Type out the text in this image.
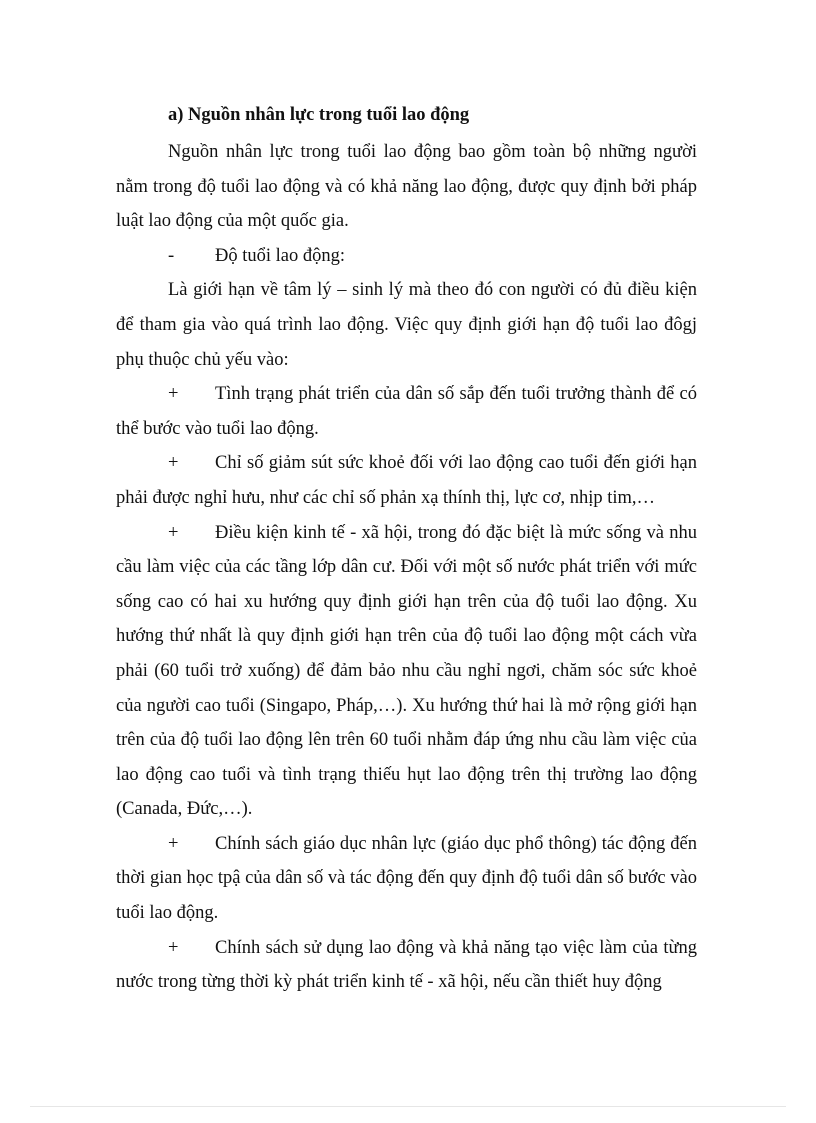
a) Nguồn nhân lực trong tuổi lao động

Nguồn nhân lực trong tuổi lao động bao gồm toàn bộ những người nằm trong độ tuổi lao động và có khả năng lao động, được quy định bởi pháp luật lao động của một quốc gia.

-	Độ tuổi lao động:

Là giới hạn về tâm lý – sinh lý mà theo đó con người có đủ điều kiện để tham gia vào quá trình lao động. Việc quy định giới hạn độ tuổi lao đôgj phụ thuộc chủ yếu vào:

+ Tình trạng phát triển của dân số sắp đến tuổi trưởng thành để có thể bước vào tuổi lao động.

+ Chỉ số giảm sút sức khoẻ đối với lao động cao tuổi đến giới hạn phải được nghỉ hưu, như các chỉ số phản xạ thính thị, lực cơ, nhịp tim,…

+ Điều kiện kinh tế - xã hội, trong đó đặc biệt là mức sống và nhu cầu làm việc của các tầng lớp dân cư. Đối với một số nước phát triển với mức sống cao có hai xu hướng quy định giới hạn trên của độ tuổi lao động. Xu hướng thứ nhất là quy định giới hạn trên của độ tuổi lao động một cách vừa phải (60 tuổi trở xuống) để đảm bảo nhu cầu nghỉ ngơi, chăm sóc sức khoẻ của người cao tuổi (Singapo, Pháp,…). Xu hướng thứ hai là mở rộng giới hạn trên của độ tuổi lao động lên trên 60 tuổi nhằm đáp ứng nhu cầu làm việc của lao động cao tuổi và tình trạng thiếu hụt lao động trên thị trường lao động (Canada, Đức,…).

+ Chính sách giáo dục nhân lực (giáo dục phổ thông) tác động đến thời gian học tpậ của dân số và tác động đến quy định độ tuổi dân số bước vào tuổi lao động.

+ Chính sách sử dụng lao động và khả năng tạo việc làm của từng nước trong từng thời kỳ phát triển kinh tế - xã hội, nếu cần thiết huy động
